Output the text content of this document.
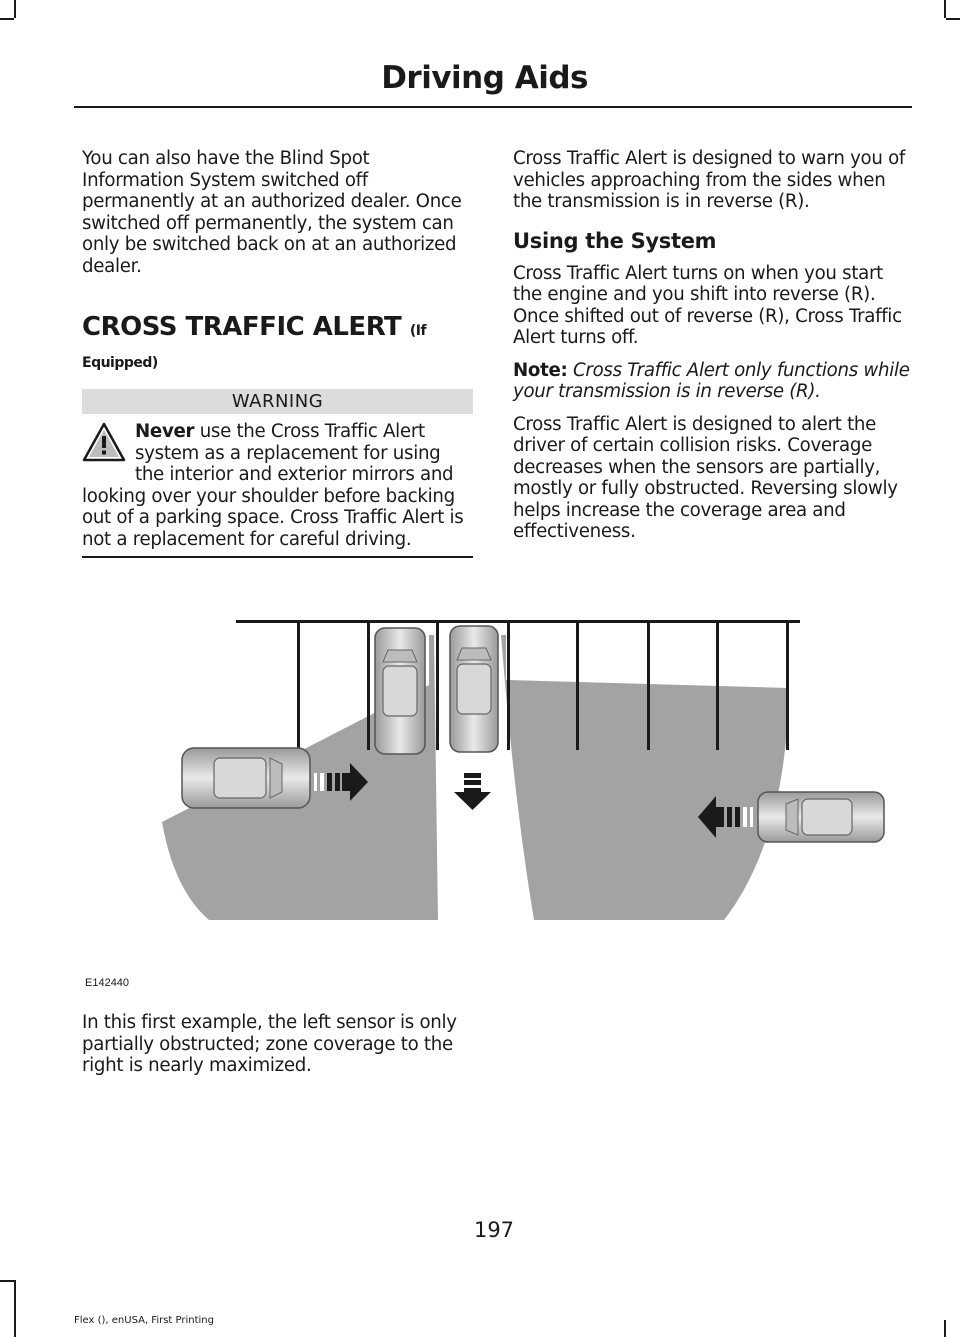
Driving Aids

You can also have the Blind Spot Information System switched off permanently at an authorized dealer. Once switched off permanently, the system can only be switched back on at an authorized dealer.

CROSS TRAFFIC ALERT (If
Equipped)
WARNING
Never use the Cross Traffic Alert system as a replacement for using the interior and exterior mirrors and
looking over your shoulder before backing out of a parking space. Cross Traffic Alert is not a replacement for careful driving.

Cross Traffic Alert is designed to warn you of vehicles approaching from the sides when the transmission is in reverse (R).

Using the System

Cross Traffic Alert turns on when you start the engine and you shift into reverse (R). Once shifted out of reverse (R), Cross Traffic Alert turns off.

Note: Cross Traffic Alert only functions while your transmission is in reverse (R).

Cross Traffic Alert is designed to alert the driver of certain collision risks. Coverage decreases when the sensors are partially, mostly or fully obstructed. Reversing slowly helps increase the coverage area and effectiveness.

E142440
In this first example, the left sensor is only partially obstructed; zone coverage to the right is nearly maximized.
197
Flex (), enUSA, First Printing
